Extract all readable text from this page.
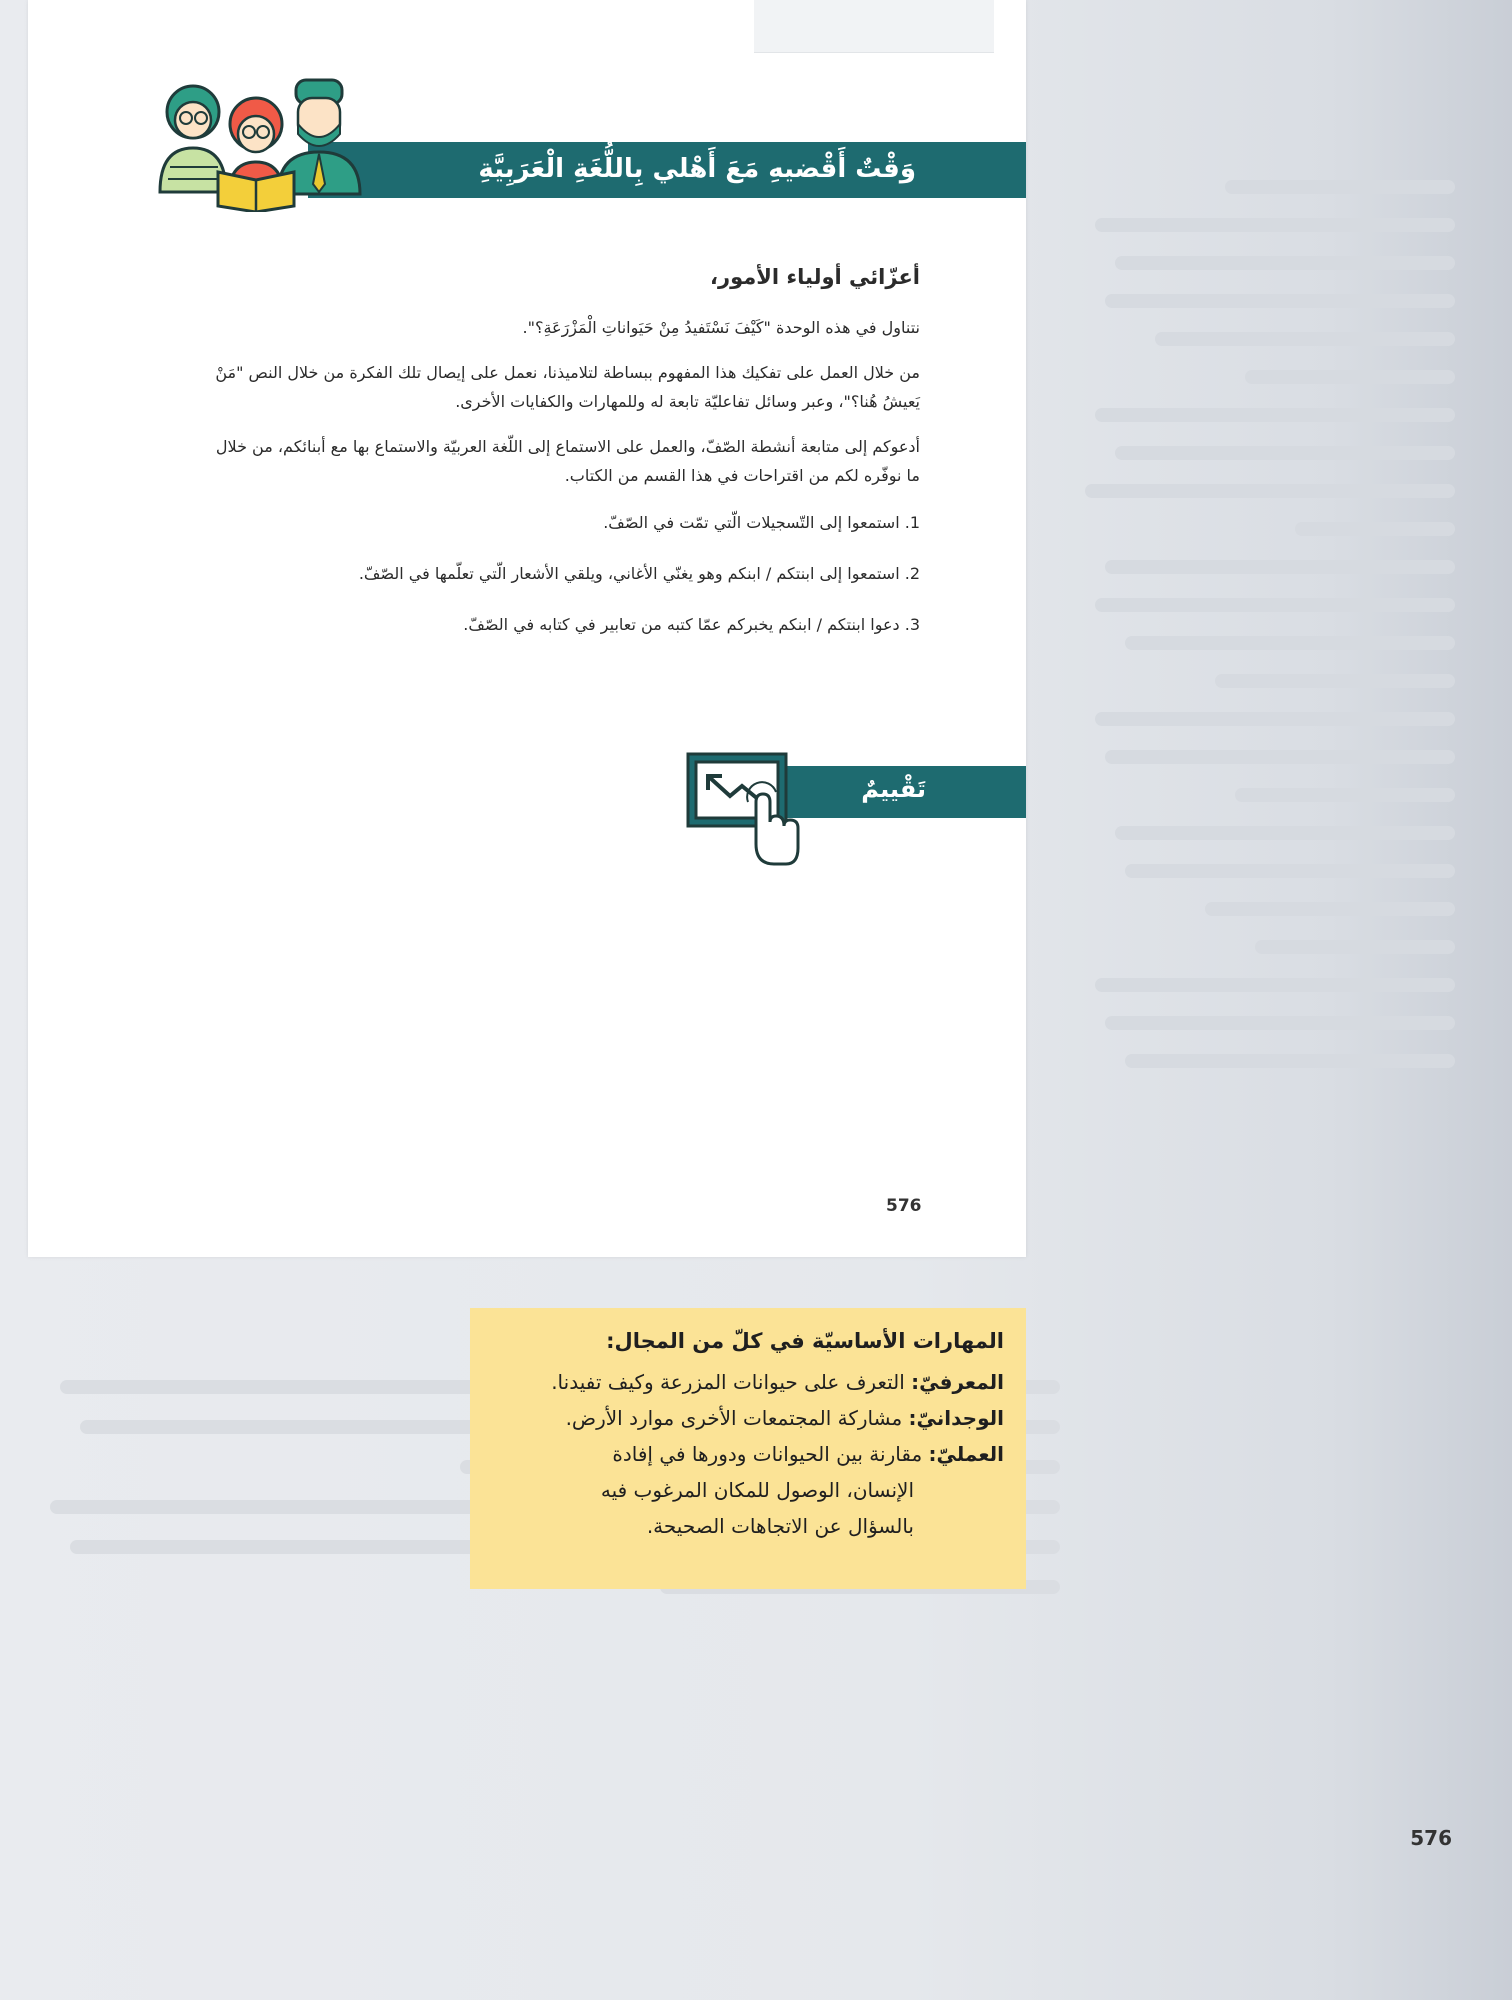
576
وَقْتٌ أَقْضيهِ مَعَ أَهْلي بِاللُّغَةِ الْعَرَبِيَّةِ

أعزّائي أولياء الأمور،

نتناول في هذه الوحدة "كَيْفَ نَسْتَفيدُ مِنْ حَيَواناتِ الْمَزْرَعَةِ؟".

من خلال العمل على تفكيك هذا المفهوم ببساطة لتلاميذنا، نعمل على إيصال تلك الفكرة من خلال النص "مَنْ يَعيشُ هُنا؟"، وعبر وسائل تفاعليّة تابعة له وللمهارات والكفايات الأخرى.

أدعوكم إلى متابعة أنشطة الصّفّ، والعمل على الاستماع إلى اللّغة العربيّة والاستماع بها مع أبنائكم، من خلال ما نوفّره لكم من اقتراحات في هذا القسم من الكتاب.

1. استمعوا إلى التّسجيلات الّتي تمّت في الصّفّ.
2. استمعوا إلى ابنتكم / ابنكم وهو يغنّي الأغاني، ويلقي الأشعار الّتي تعلّمها في الصّفّ.
3. دعوا ابنتكم / ابنكم يخبركم عمّا كتبه من تعابير في كتابه في الصّفّ.
تَقْييمٌ
576
المهارات الأساسيّة في كلّ من المجال:
المعرفيّ: التعرف على حيوانات المزرعة وكيف تفيدنا.
الوجدانيّ: مشاركة المجتمعات الأخرى موارد الأرض.
العمليّ: مقارنة بين الحيوانات ودورها في إفادة
الإنسان، الوصول للمكان المرغوب فيه
بالسؤال عن الاتجاهات الصحيحة.
